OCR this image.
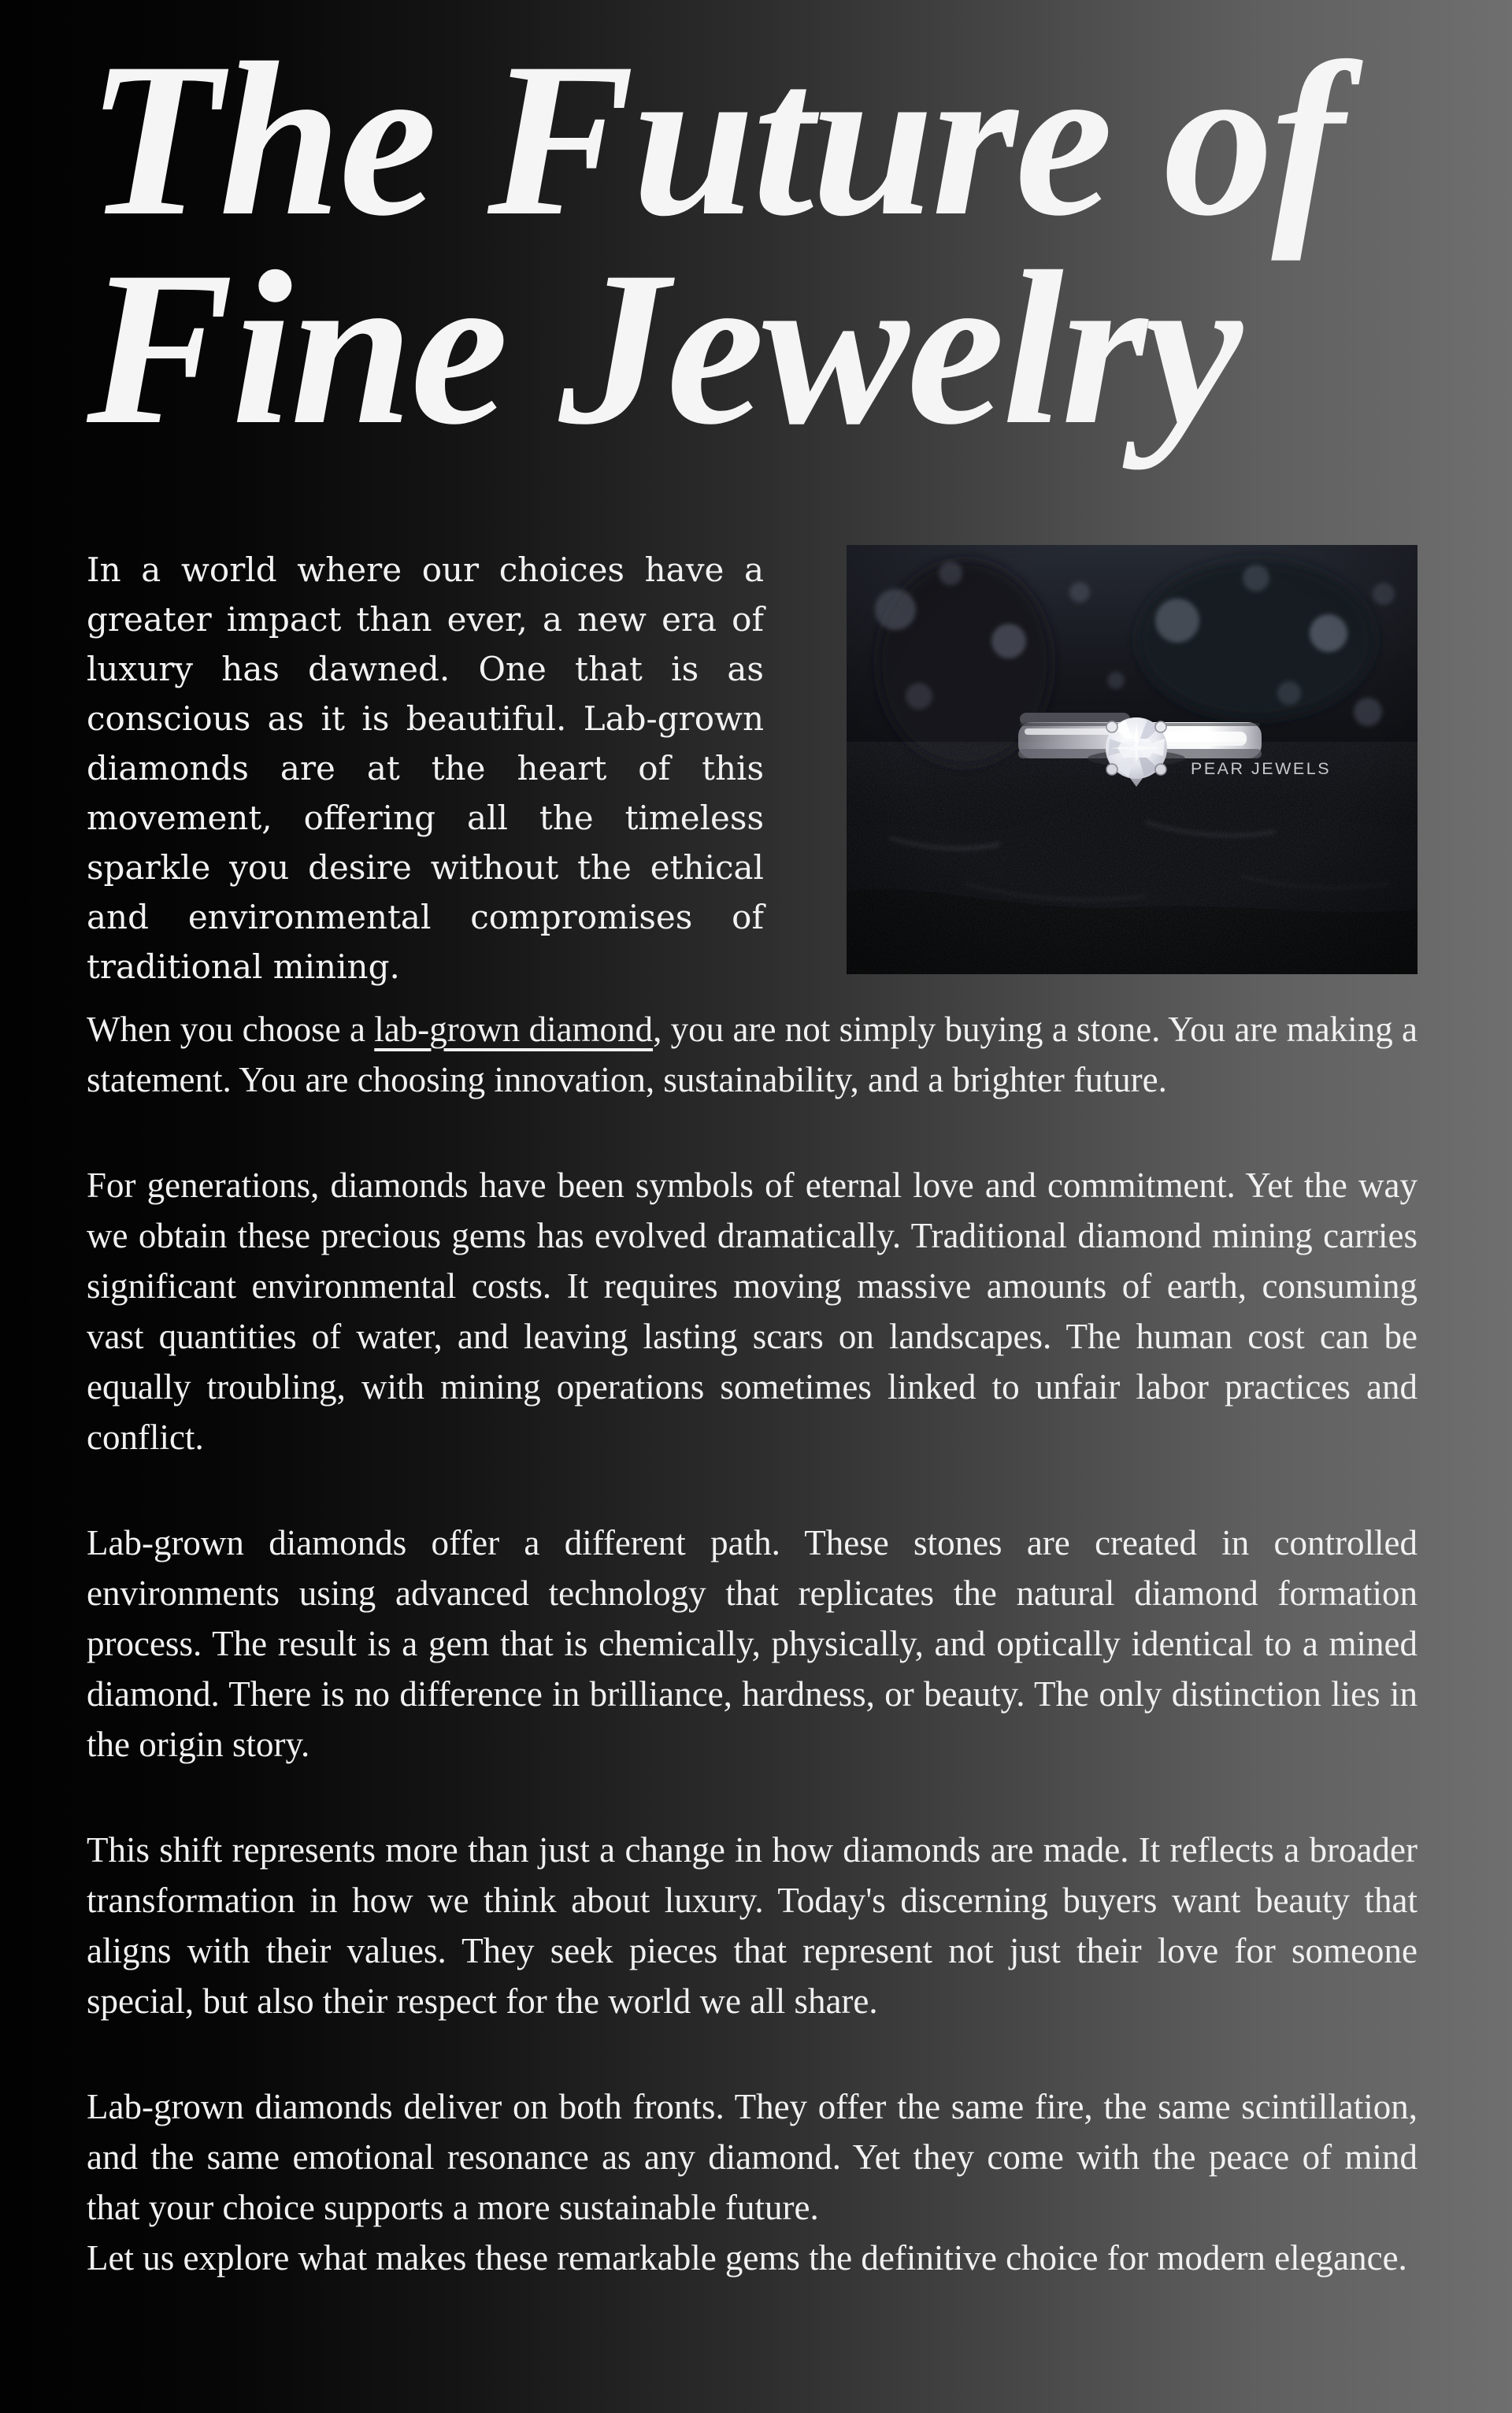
The Future of
Fine Jewelry

In a world where our choices have a greater impact than ever, a new era of luxury has dawned. One that is as conscious as it is beautiful. Lab-grown diamonds are at the heart of this movement, offering all the timeless sparkle you desire without the ethical and environmental compromises of traditional mining.

When you choose a lab-grown diamond, you are not simply buying a stone. You are making a statement. You are choosing innovation, sustainability, and a brighter future.

For generations, diamonds have been symbols of eternal love and commitment. Yet the way we obtain these precious gems has evolved dramatically. Traditional diamond mining carries significant environmental costs. It requires moving massive amounts of earth, consuming vast quantities of water, and leaving lasting scars on landscapes. The human cost can be equally troubling, with mining operations sometimes linked to unfair labor practices and conflict.

Lab-grown diamonds offer a different path. These stones are created in controlled environments using advanced technology that replicates the natural diamond formation process. The result is a gem that is chemically, physically, and optically identical to a mined diamond. There is no difference in brilliance, hardness, or beauty. The only distinction lies in the origin story.

This shift represents more than just a change in how diamonds are made. It reflects a broader transformation in how we think about luxury. Today's discerning buyers want beauty that aligns with their values. They seek pieces that represent not just their love for someone special, but also their respect for the world we all share.

Lab-grown diamonds deliver on both fronts. They offer the same fire, the same scintillation, and the same emotional resonance as any diamond. Yet they come with the peace of mind that your choice supports a more sustainable future.
Let us explore what makes these remarkable gems the definitive choice for modern elegance.
